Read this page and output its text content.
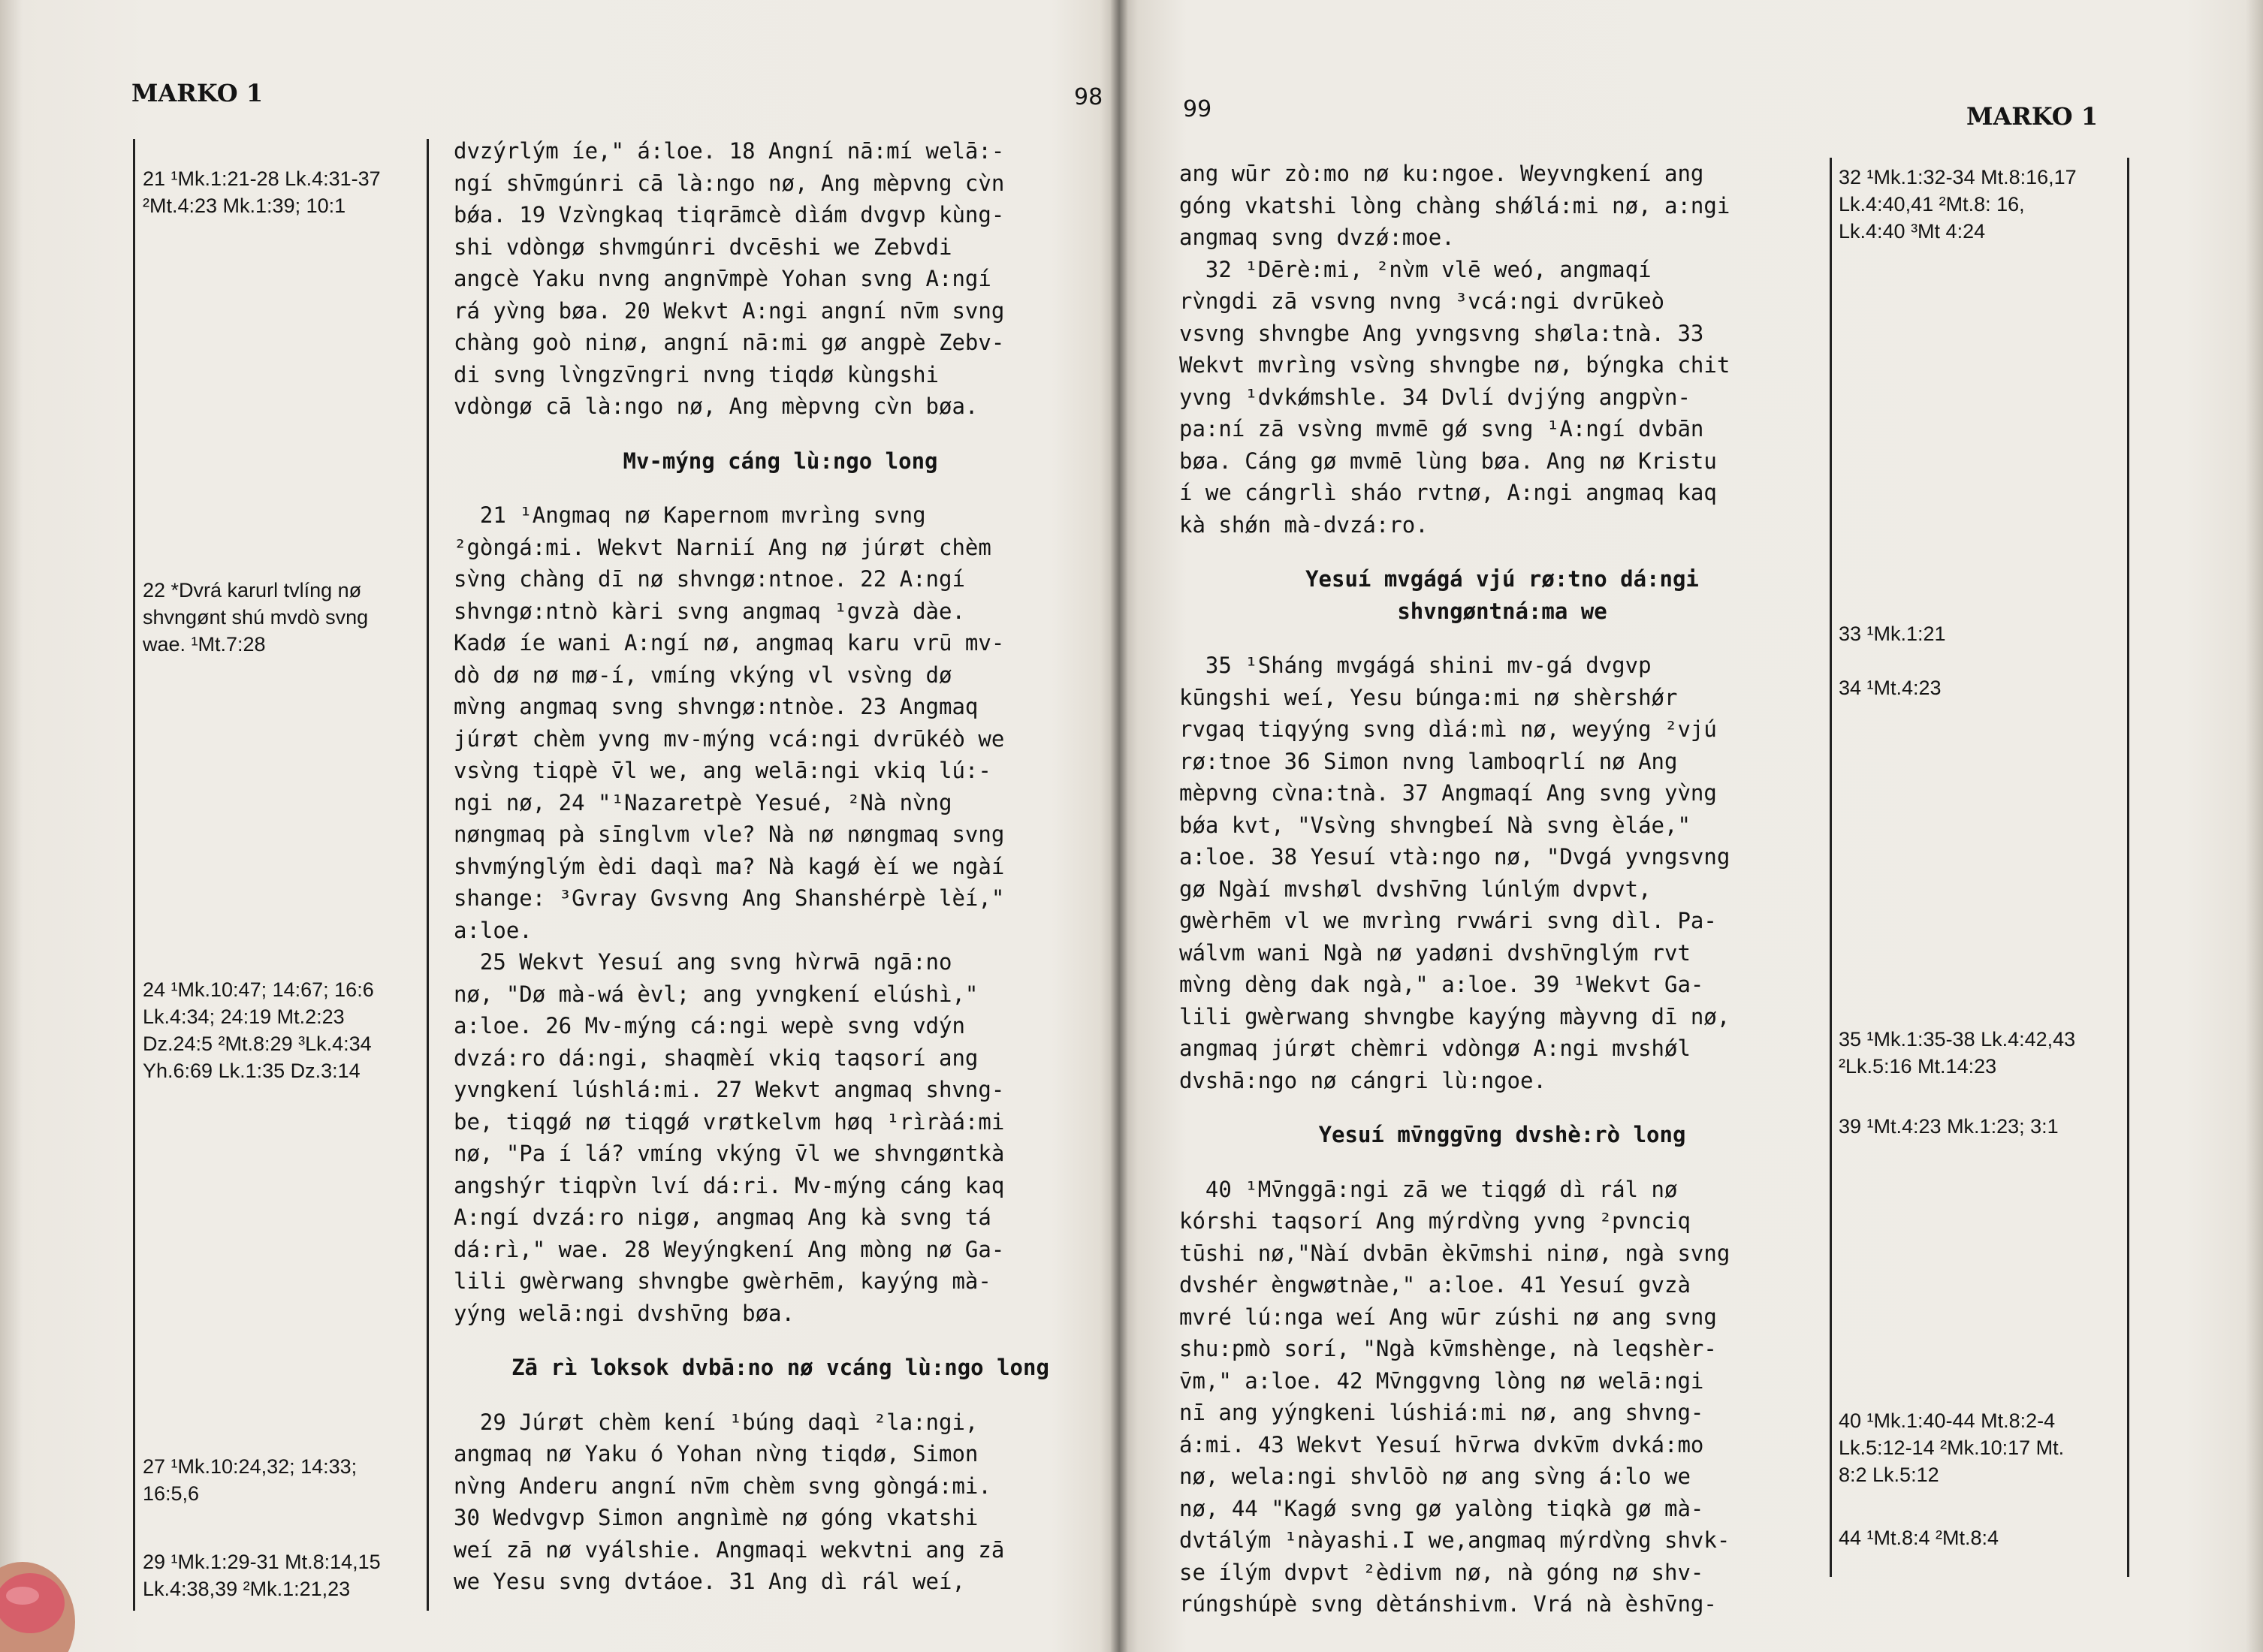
MARKO 1	98
21 ¹Mk.1:21-28 Lk.4:31-37
²Mt.4:23 Mk.1:39; 10:1
22 *Dvrá karurl tvlíng nø
shvngønt shú mvdò svng
wae. ¹Mt.7:28
24 ¹Mk.10:47; 14:67; 16:6
Lk.4:34; 24:19 Mt.2:23
Dz.24:5 ²Mt.8:29 ³Lk.4:34
Yh.6:69 Lk.1:35 Dz.3:14
27 ¹Mk.10:24,32; 14:33;
16:5,6
29 ¹Mk.1:29-31 Mt.8:14,15
Lk.4:38,39 ²Mk.1:21,23
dvzýrlým íe," á:loe. 18 Angní nā:mí welā:-
ngí shv̄mgúnri cā là:ngo nø, Ang mèpvng cv̀n
bǿa. 19 Vzv̀ngkaq tiqrāmcè dìám dvgvp kùng-
shi vdòngø shvmgúnri dvcēshi we Zebvdi
angcè Yaku nvng angnv̄mpè Yohan svng A:ngí
rá yv̀ng bøa. 20 Wekvt A:ngi angní nv̄m svng
chàng goò ninø, angní nā:mi gø angpè Zebv-
di svng lv̀ngzv̄ngri nvng tiqdø kùngshi
vdòngø cā là:ngo nø, Ang mèpvng cv̀n bøa.
Mv-mýng cáng lù:ngo long
21 ¹Angmaq nø Kapernom mvrìng svng
²gòngá:mi. Wekvt Narnií Ang nø júrøt chèm
sv̀ng chàng dī nø shvngø:ntnoe. 22 A:ngí
shvngø:ntnò kàri svng angmaq ¹gvzà dàe.
Kadø íe wani A:ngí nø, angmaq karu vrū mv-
dò dø nø mø-í, vmíng vkýng vl vsv̀ng dø
mv̀ng angmaq svng shvngø:ntnòe. 23 Angmaq
júrøt chèm yvng mv-mýng vcá:ngi dvrūkéò we
vsv̀ng tiqpè v̄l we, ang welā:ngi vkiq lú:-
ngi nø, 24 "¹Nazaretpè Yesué, ²Nà nv̀ng
nøngmaq pà sīnglvm vle? Nà nø nøngmaq svng
shvmýnglým èdi daqì ma? Nà kagǿ èí we ngàí
shange: ³Gvray Gvsvng Ang Shanshérpè lèí,"
a:loe.
25 Wekvt Yesuí ang svng hv̀rwā ngā:no
nø, "Dø mà-wá èvl; ang yvngkení elúshì,"
a:loe. 26 Mv-mýng cá:ngi wepè svng vdýn
dvzá:ro dá:ngi, shaqmèí vkiq taqsorí ang
yvngkení lúshlá:mi. 27 Wekvt angmaq shvng-
be, tiqgǿ nø tiqgǿ vrøtkelvm høq ¹rìràá:mi
nø, "Pa í lá? vmíng vkýng v̄l we shvngøntkà
angshýr tiqpv̀n lví dá:ri. Mv-mýng cáng kaq
A:ngí dvzá:ro nigø, angmaq Ang kà svng tá
dá:rì," wae. 28 Weyýngkení Ang mòng nø Ga-
lili gwèrwang shvngbe gwèrhēm, kayýng mà-
yýng welā:ngi dvshv̄ng bøa.
Zā rì loksok dvbā:no nø vcáng lù:ngo long
29 Júrøt chèm kení ¹búng daqì ²la:ngi,
angmaq nø Yaku ó Yohan nv̀ng tiqdø, Simon
nv̀ng Anderu angní nv̄m chèm svng gòngá:mi.
30 Wedvgvp Simon angnìmè nø góng vkatshi
weí zā nø vyálshie. Angmaqi wekvtni ang zā
we Yesu svng dvtáoe. 31 Ang dì rál weí,
99	MARKO 1
ang wūr zò:mo nø ku:ngoe. Weyvngkení ang
góng vkatshi lòng chàng shǿlá:mi nø, a:ngi
angmaq svng dvzǿ:moe.
32 ¹Dērè:mi, ²nv̀m vlē weó, angmaqí
rv̀ngdi zā vsvng nvng ³vcá:ngi dvrūkeò
vsvng shvngbe Ang yvngsvng shøla:tnà. 33
Wekvt mvrìng vsv̀ng shvngbe nø, býngka chit
yvng ¹dvkǿmshle. 34 Dvlí dvjýng angpv̀n-
pa:ní zā vsv̀ng mvmē gǿ svng ¹A:ngí dvbān
bøa. Cáng gø mvmē lùng bøa. Ang nø Kristu
í we cángrlì sháo rvtnø, A:ngi angmaq kaq
kà shǿn mà-dvzá:ro.
Yesuí mvgágá vjú rø:tno dá:ngi
shvngøntná:ma we
35 ¹Sháng mvgágá shini mv-gá dvgvp
kūngshi weí, Yesu búnga:mi nø shèrshǿr
rvgaq tiqyýng svng dìá:mì nø, weyýng ²vjú
rø:tnoe 36 Simon nvng lamboqrlí nø Ang
mèpvng cv̀na:tnà. 37 Angmaqí Ang svng yv̀ng
bǿa kvt, "Vsv̀ng shvngbeí Nà svng èláe,"
a:loe. 38 Yesuí vtà:ngo nø, "Dvgá yvngsvng
gø Ngàí mvshøl dvshv̄ng lúnlým dvpvt,
gwèrhēm vl we mvrìng rvwári svng dìl. Pa-
wálvm wani Ngà nø yadøni dvshv̄nglým rvt
mv̀ng dèng dak ngà," a:loe. 39 ¹Wekvt Ga-
lili gwèrwang shvngbe kayýng màyvng dī nø,
angmaq júrøt chèmri vdòngø A:ngi mvshǿl
dvshā:ngo nø cángri lù:ngoe.
Yesuí mv̄nggv̄ng dvshè:rò long
40 ¹Mv̄nggā:ngi zā we tiqgǿ dì rál nø
kórshi taqsorí Ang mýrdv̀ng yvng ²pvnciq
tūshi nø,"Nàí dvbān èkv̄mshi ninø, ngà svng
dvshér èngwøtnàe," a:loe. 41 Yesuí gvzà
mvré lú:nga weí Ang wūr zúshi nø ang svng
shu:pmò sorí, "Ngà kv̄mshènge, nà leqshèr-
v̄m," a:loe. 42 Mv̄nggvng lòng nø welā:ngi
nī ang yýngkeni lúshiá:mi nø, ang shvng-
á:mi. 43 Wekvt Yesuí hv̄rwa dvkv̄m dvká:mo
nø, wela:ngi shvlōò nø ang sv̀ng á:lo we
nø, 44 "Kagǿ svng gø yalòng tiqkà gø mà-
dvtálým ¹nàyashi.I we,angmaq mýrdv̀ng shvk-
se ílým dvpvt ²èdivm nø, nà góng nø shv-
rúngshúpè svng dètánshivm. Vrá nà èshv̄ng-
32 ¹Mk.1:32-34 Mt.8:16,17
Lk.4:40,41 ²Mt.8: 16,
Lk.4:40 ³Mt 4:24
33 ¹Mk.1:21
34 ¹Mt.4:23
35 ¹Mk.1:35-38 Lk.4:42,43
²Lk.5:16 Mt.14:23
39 ¹Mt.4:23 Mk.1:23; 3:1
40 ¹Mk.1:40-44 Mt.8:2-4
Lk.5:12-14 ²Mk.10:17 Mt.
8:2 Lk.5:12
44 ¹Mt.8:4 ²Mt.8:4
